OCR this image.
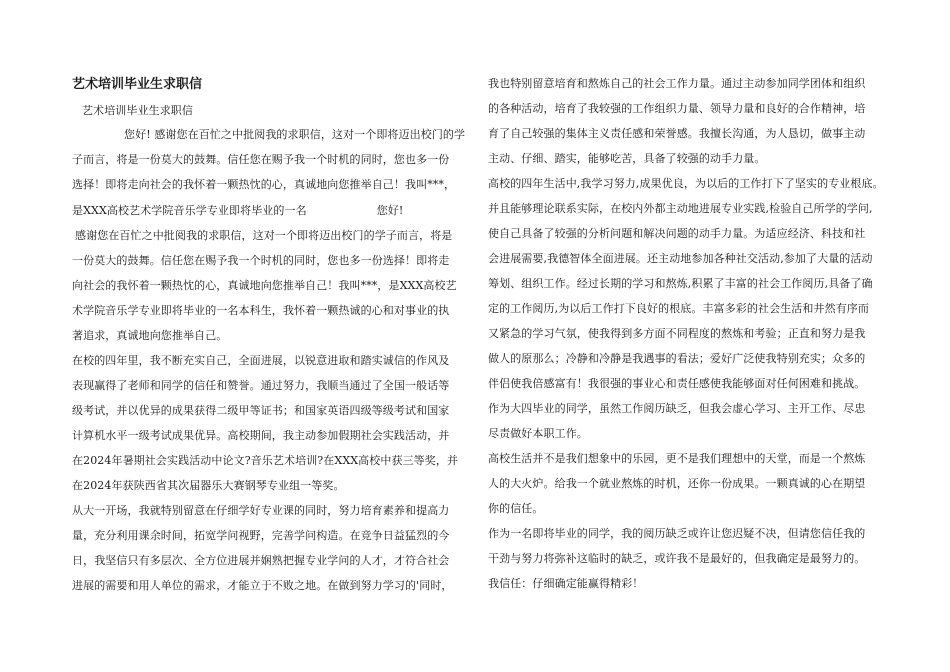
艺术培训毕业生求职信
艺术培训毕业生求职信
您好! 感谢您在百忙之中批阅我的求职信，这对一个即将迈出校门的学
子而言，将是一份莫大的鼓舞。信任您在赐予我一个时机的同时，您也多一份
选择！即将走向社会的我怀着一颗热忱的心，真诚地向您推举自己！我叫***，
是XXX高校艺术学院音乐学专业即将毕业的一名	您好!
感谢您在百忙之中批阅我的求职信，这对一个即将迈出校门的学子而言，将是
一份莫大的鼓舞。信任您在赐予我一个时机的同时，您也多一份选择！即将走
向社会的我怀着一颗热忱的心，真诚地向您推举自己！我叫***，是XXX高校艺
术学院音乐学专业即将毕业的一名本科生，我怀着一颗热诚的心和对事业的执
著追求，真诚地向您推举自己。
在校的四年里，我不断充实自己，全面进展，以锐意进取和踏实诚信的作风及
表现赢得了老师和同学的信任和赞誉。通过努力，我顺当通过了全国一般话等
级考试，并以优异的成果获得二级甲等证书；和国家英语四级等级考试和国家
计算机水平一级考试成果优异。高校期间，我主动参加假期社会实践活动，并
在2024年暑期社会实践活动中论文?音乐艺术培训?在XXX高校中获三等奖，并
在2024年获陕西省其次届器乐大赛钢琴专业组一等奖。
从大一开场，我就特别留意在仔细学好专业课的同时，努力培育素养和提高力
量，充分利用课余时间，拓宽学问视野，完善学问构造。在竞争日益猛烈的今
日，我坚信只有多层次、全方位进展并娴熟把握专业学问的人才，才符合社会
进展的需要和用人单位的需求，才能立于不败之地。在做到努力学习的'同时，
我也特别留意培育和熬炼自己的社会工作力量。通过主动参加同学团体和组织
的各种活动，培育了我较强的工作组织力量、领导力量和良好的合作精神，培
育了自己较强的集体主义责任感和荣誉感。我擅长沟通，为人恳切，做事主动
主动、仔细、踏实，能够吃苦，具备了较强的动手力量。
高校的四年生活中,我学习努力,成果优良，为以后的工作打下了坚实的专业根底。
并且能够理论联系实际，在校内外都主动地进展专业实践,检验自己所学的学问,
使自己具备了较强的分析问题和解决问题的动手力量。为适应经济、科技和社
会进展需要,我德智体全面进展。还主动地参加各种社交活动,参加了大量的活动
筹划、组织工作。经过长期的学习和熬炼,积累了丰富的社会工作阅历,具备了确
定的工作阅历,为以后工作打下良好的根底。丰富多彩的社会生活和井然有序而
又紧急的学习气氛，使我得到多方面不同程度的熬炼和考验；正直和努力是我
做人的原那么；冷静和冷静是我遇事的看法；爱好广泛使我特别充实；众多的
伴侣使我倍感富有！我很强的事业心和责任感使我能够面对任何困难和挑战。
作为大四毕业的同学，虽然工作阅历缺乏，但我会虚心学习、主开工作、尽忠
尽责做好本职工作。
高校生活并不是我们想象中的乐园，更不是我们理想中的天堂，而是一个熬炼
人的大火炉。给我一个就业熬炼的时机，还你一份成果。一颗真诚的心在期望
你的信任。
作为一名即将毕业的同学，我的阅历缺乏或许让您迟疑不决，但请您信任我的
干劲与努力将弥补这临时的缺乏，或许我不是最好的，但我确定是最努力的。
我信任：仔细确定能赢得精彩！
